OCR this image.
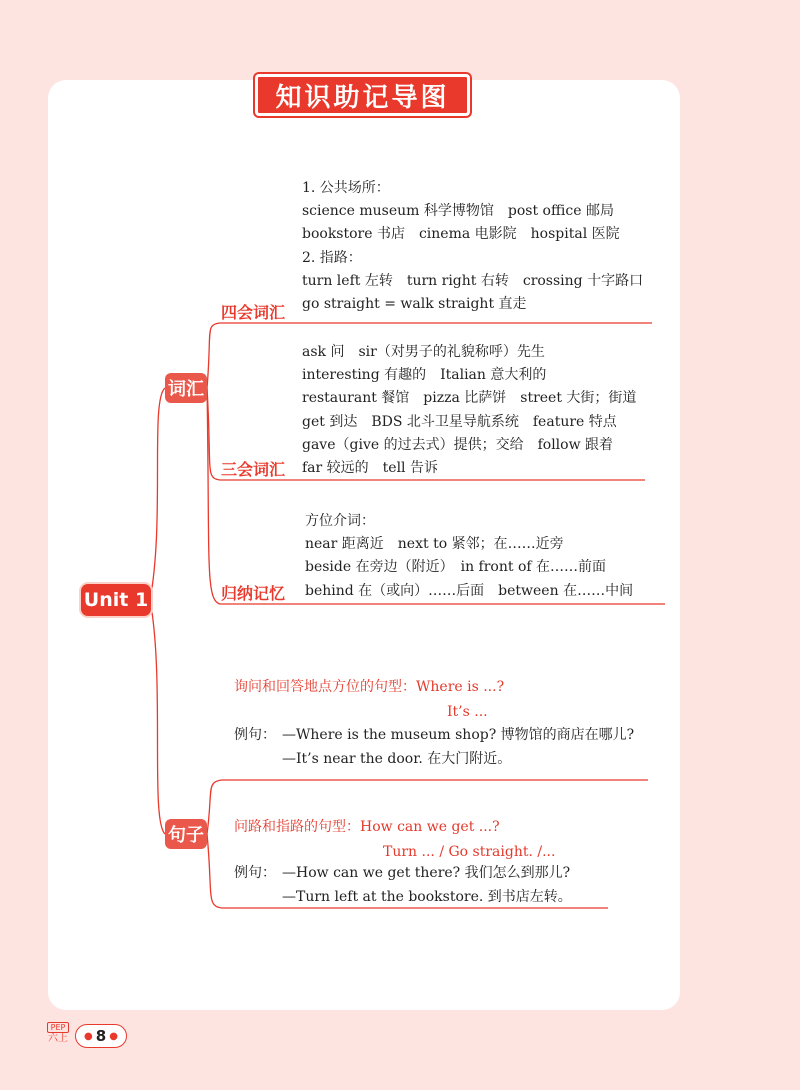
知识助记导图
Unit 1
词汇
句子
四会词汇
三会词汇
归纳记忆
1. 公共场所：
science museum 科学博物馆　post office 邮局
bookstore 书店　cinema 电影院　hospital 医院
2. 指路：
turn left 左转　turn right 右转　crossing 十字路口
go straight = walk straight 直走
ask 问　sir（对男子的礼貌称呼）先生
interesting 有趣的　Italian 意大利的
restaurant 餐馆　pizza 比萨饼　street 大街；街道
get 到达　BDS 北斗卫星导航系统　feature 特点
gave（give 的过去式）提供；交给　follow 跟着
far 较远的　tell 告诉
方位介词：
near 距离近　next to 紧邻；在……近旁
beside 在旁边（附近）　in front of 在……前面
behind 在（或向）……后面　between 在……中间
询问和回答地点方位的句型：Where is ...?
It’s ...
例句： —Where is the museum shop? 博物馆的商店在哪儿?
—It’s near the door. 在大门附近。
问路和指路的句型：How can we get ...?
Turn ... / Go straight. /...
例句： —How can we get there? 我们怎么到那儿?
—Turn left at the bookstore. 到书店左转。
PEP
六上 ● 8 ●
